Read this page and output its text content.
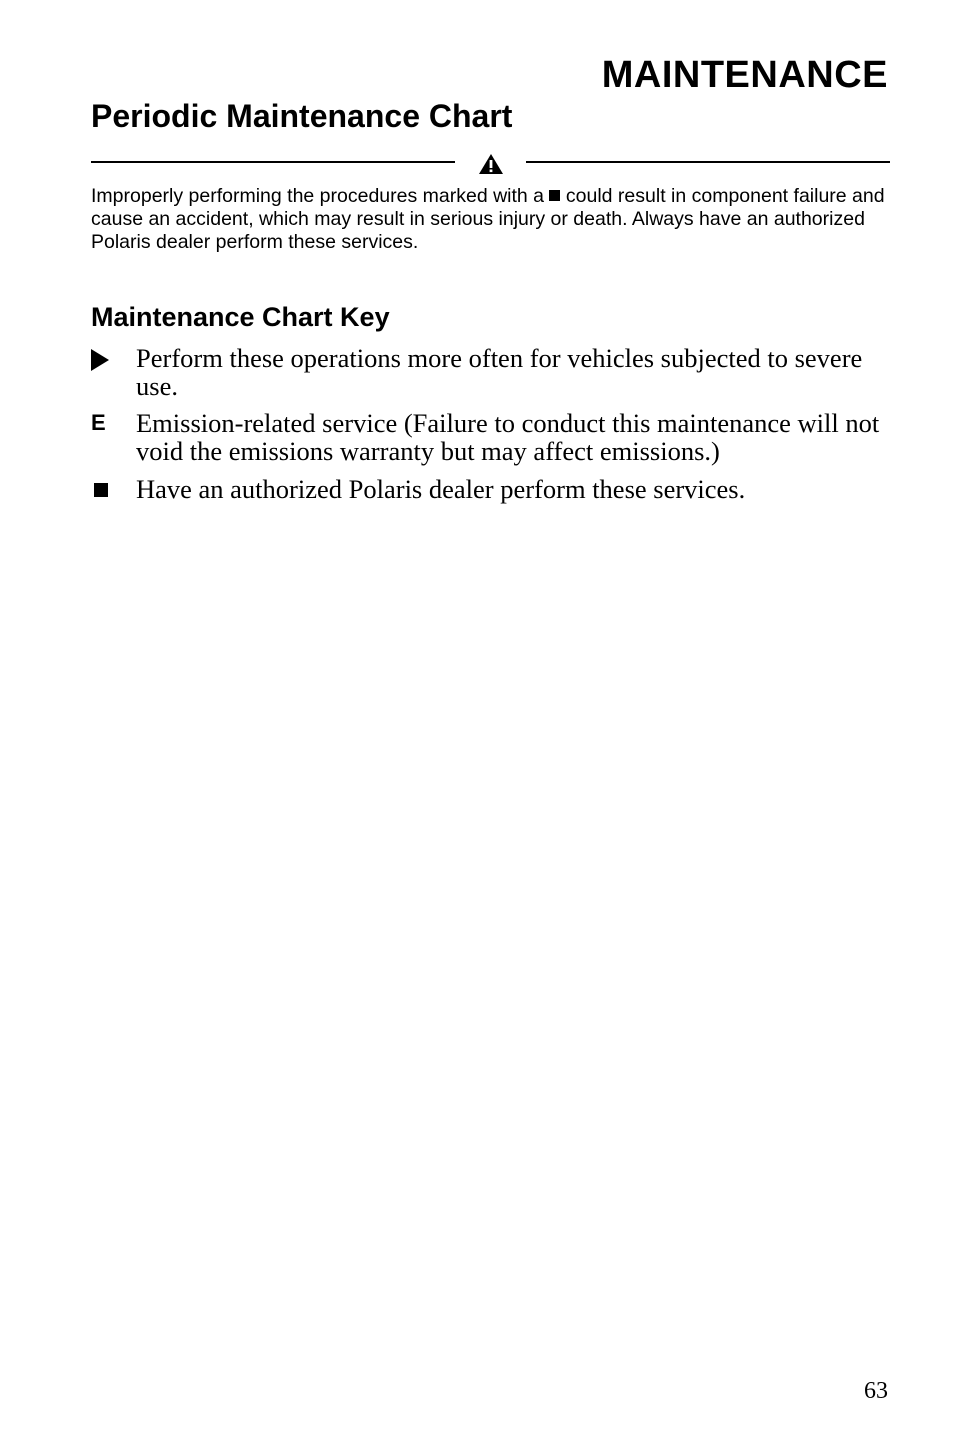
MAINTENANCE
Periodic Maintenance Chart

Improperly performing the procedures marked with a could result in component failure and cause an accident, which may result in serious injury or death. Always have an authorized Polaris dealer perform these services.

Maintenance Chart Key

Perform these operations more often for vehicles subjected to severe use.

E Emission-related service (Failure to conduct this maintenance will not void the emissions warranty but may affect emissions.)

Have an authorized Polaris dealer perform these services.

63
